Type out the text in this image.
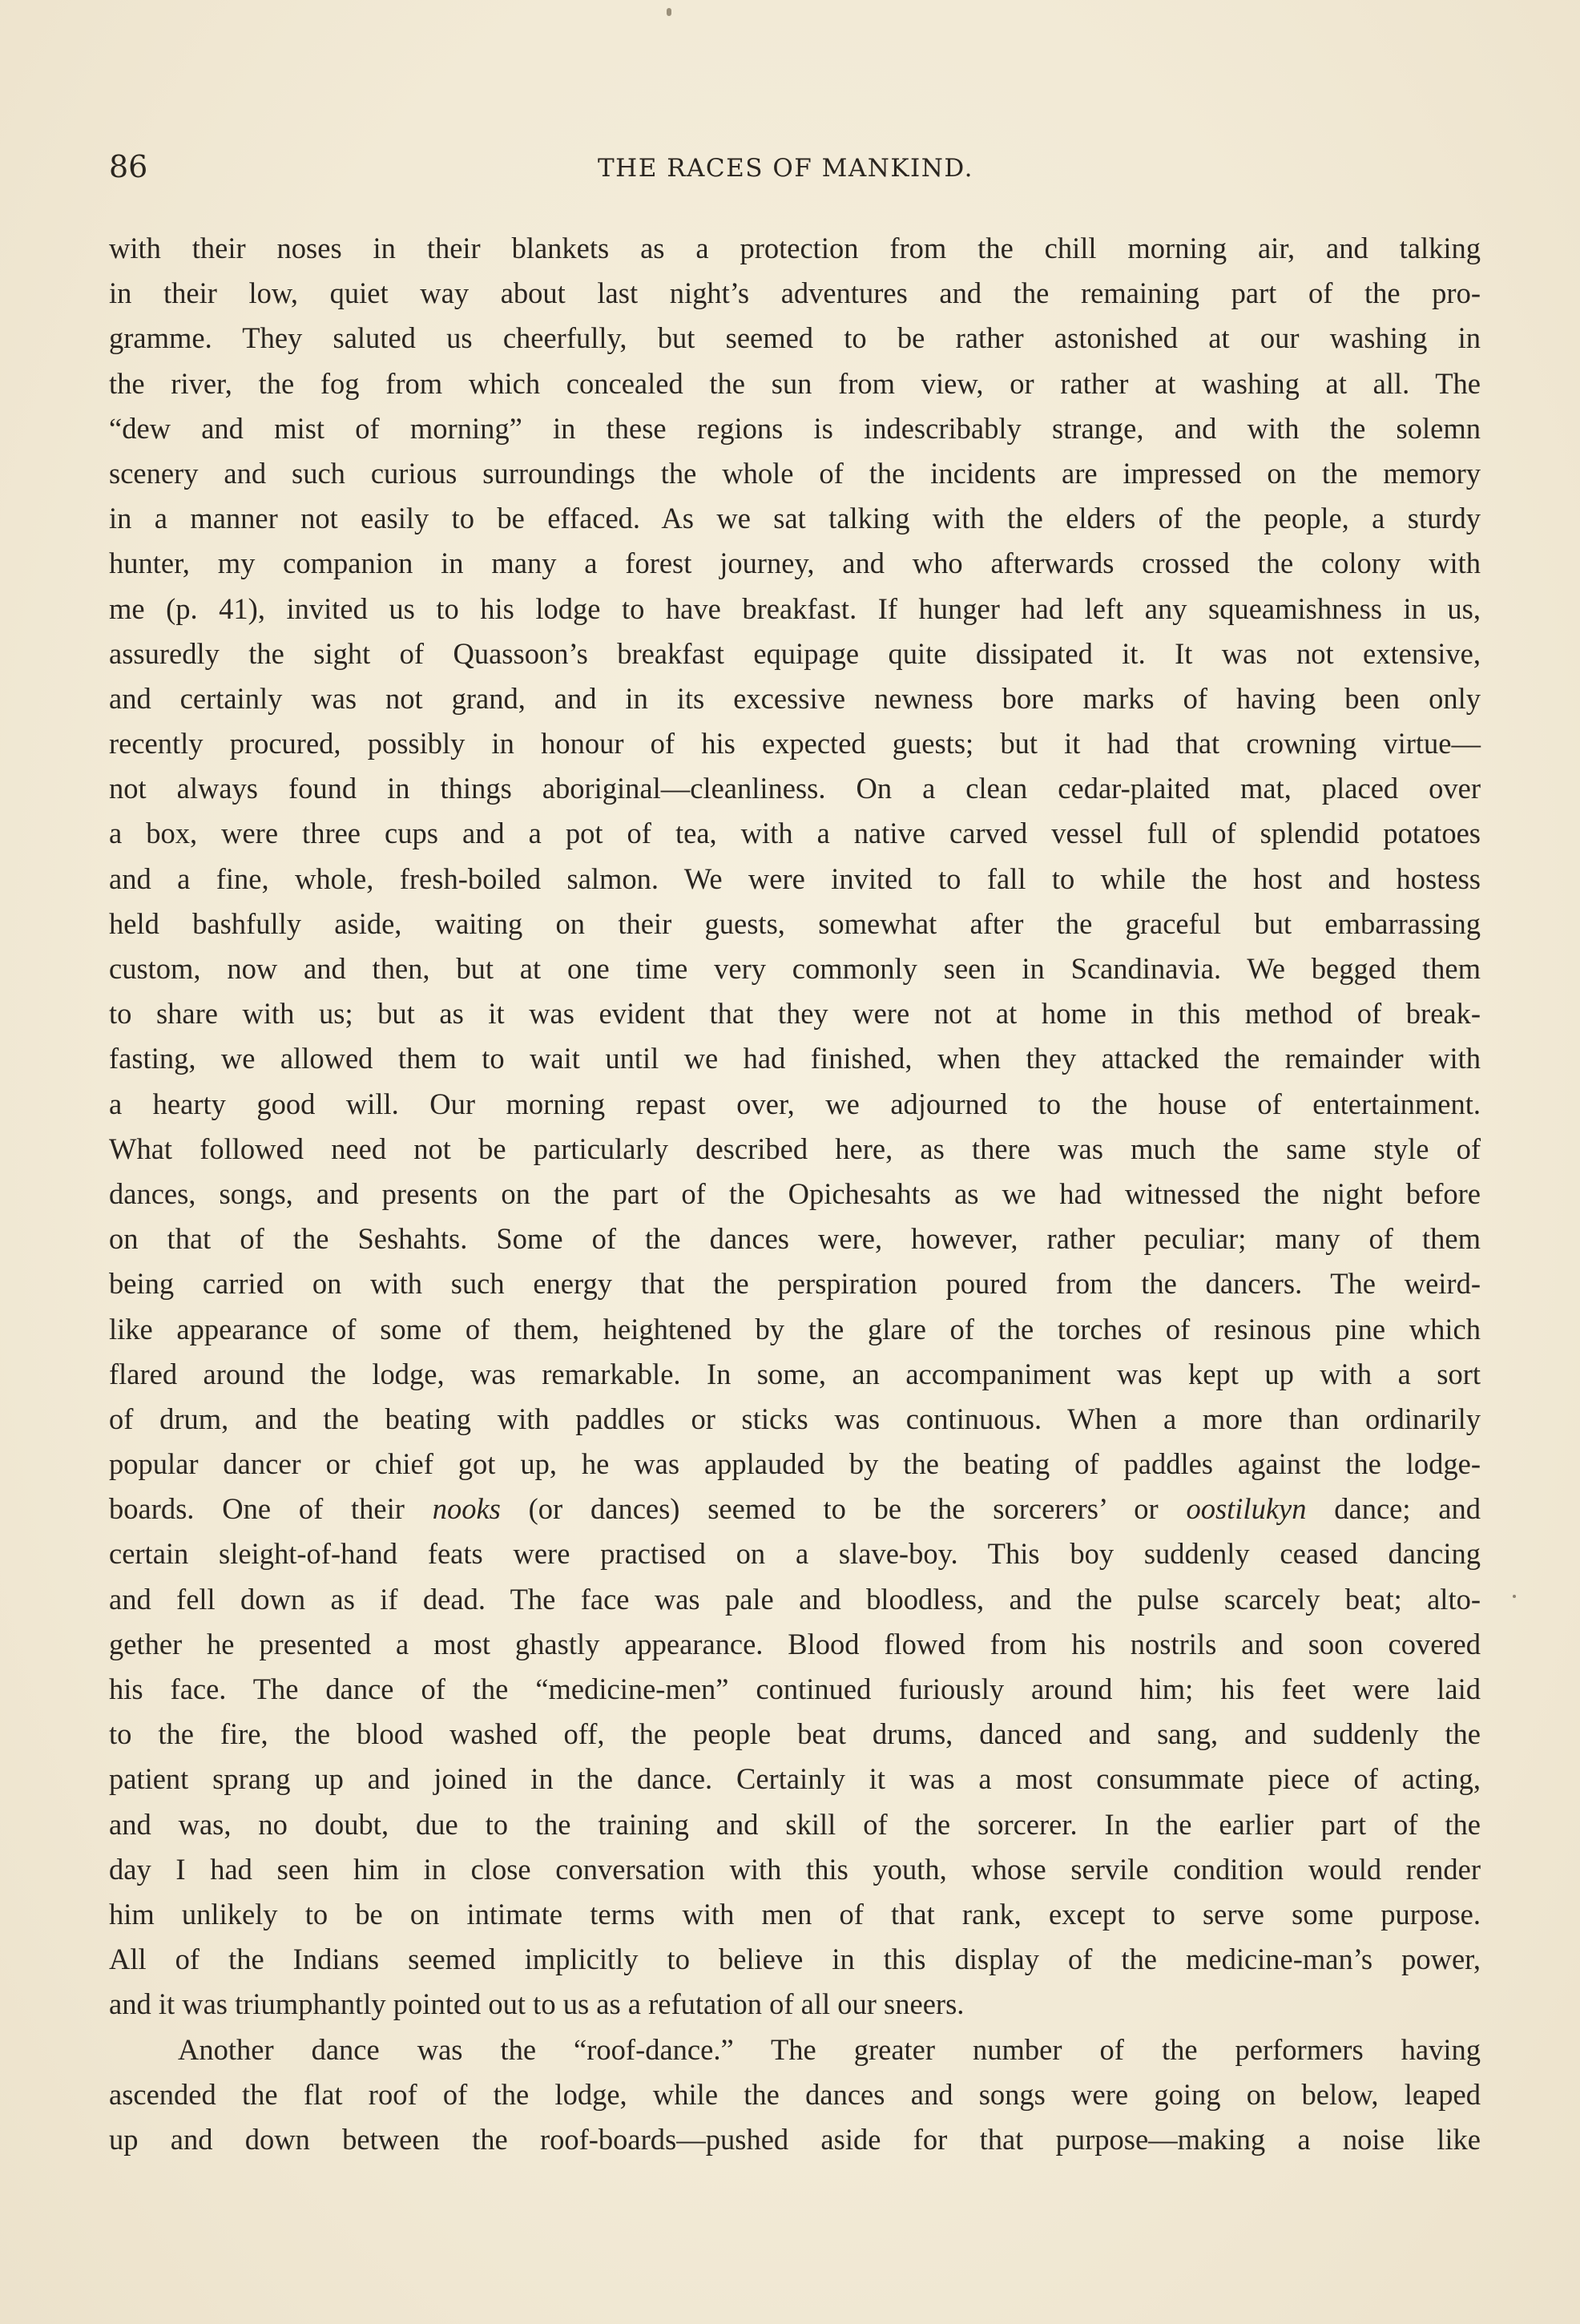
86	THE RACES OF MANKIND.
with their noses in their blankets as a protection from the chill morning air, and talking
in their low, quiet way about last night’s adventures and the remaining part of the pro-
gramme. They saluted us cheerfully, but seemed to be rather astonished at our washing in
the river, the fog from which concealed the sun from view, or rather at washing at all. The
“dew and mist of morning” in these regions is indescribably strange, and with the solemn
scenery and such curious surroundings the whole of the incidents are impressed on the memory
in a manner not easily to be effaced. As we sat talking with the elders of the people, a sturdy
hunter, my companion in many a forest journey, and who afterwards crossed the colony with
me (p. 41), invited us to his lodge to have breakfast. If hunger had left any squeamishness in us,
assuredly the sight of Quassoon’s breakfast equipage quite dissipated it. It was not extensive,
and certainly was not grand, and in its excessive newness bore marks of having been only
recently procured, possibly in honour of his expected guests; but it had that crowning virtue—
not always found in things aboriginal—cleanliness. On a clean cedar-plaited mat, placed over
a box, were three cups and a pot of tea, with a native carved vessel full of splendid potatoes
and a fine, whole, fresh-boiled salmon. We were invited to fall to while the host and hostess
held bashfully aside, waiting on their guests, somewhat after the graceful but embarrassing
custom, now and then, but at one time very commonly seen in Scandinavia. We begged them
to share with us; but as it was evident that they were not at home in this method of break-
fasting, we allowed them to wait until we had finished, when they attacked the remainder with
a hearty good will. Our morning repast over, we adjourned to the house of entertainment.
What followed need not be particularly described here, as there was much the same style of
dances, songs, and presents on the part of the Opichesahts as we had witnessed the night before
on that of the Seshahts. Some of the dances were, however, rather peculiar; many of them
being carried on with such energy that the perspiration poured from the dancers. The weird-
like appearance of some of them, heightened by the glare of the torches of resinous pine which
flared around the lodge, was remarkable. In some, an accompaniment was kept up with a sort
of drum, and the beating with paddles or sticks was continuous. When a more than ordinarily
popular dancer or chief got up, he was applauded by the beating of paddles against the lodge-
boards. One of their nooks (or dances) seemed to be the sorcerers’ or oostilukyn dance; and
certain sleight-of-hand feats were practised on a slave-boy. This boy suddenly ceased dancing
and fell down as if dead. The face was pale and bloodless, and the pulse scarcely beat; alto-
gether he presented a most ghastly appearance. Blood flowed from his nostrils and soon covered
his face. The dance of the “medicine-men” continued furiously around him; his feet were laid
to the fire, the blood washed off, the people beat drums, danced and sang, and suddenly the
patient sprang up and joined in the dance. Certainly it was a most consummate piece of acting,
and was, no doubt, due to the training and skill of the sorcerer. In the earlier part of the
day I had seen him in close conversation with this youth, whose servile condition would render
him unlikely to be on intimate terms with men of that rank, except to serve some purpose.
All of the Indians seemed implicitly to believe in this display of the medicine-man’s power,
and it was triumphantly pointed out to us as a refutation of all our sneers.
Another dance was the “roof-dance.” The greater number of the performers having
ascended the flat roof of the lodge, while the dances and songs were going on below, leaped
up and down between the roof-boards—pushed aside for that purpose—making a noise like
